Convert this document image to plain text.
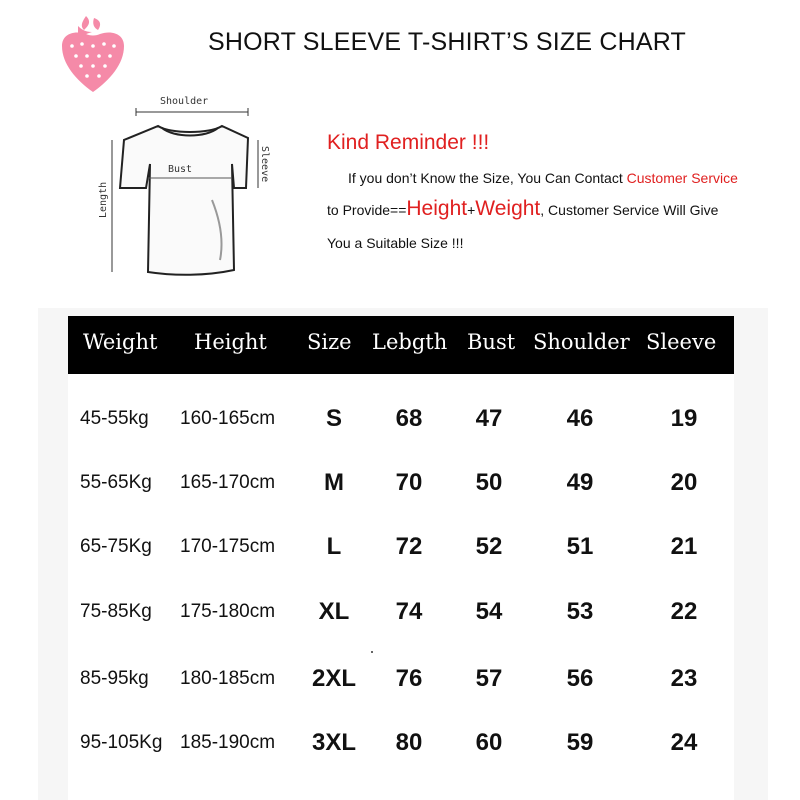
SHORT SLEEVE T-SHIRT’S SIZE CHART
Shoulder
Bust	Sleeve
Length
Kind Reminder !!!
If you don’t Know the Size, You Can Contact Customer Service
to Provide==Height+Weight, Customer Service Will Give
You a Suitable Size !!!
Weight Height Size Lebgth Bust Shoulder Sleeve
45-55kg 160-165cm	S	68	47	46	19
55-65Kg 165-170cm	M	70	50	49	20
65-75Kg 170-175cm	L	72	52	51	21
75-85Kg 175-180cm	XL	74	54	53	22
85-95kg 180-185cm	2XL	76	57	56	23
95-105Kg 185-190cm	3XL	80	60	59	24
